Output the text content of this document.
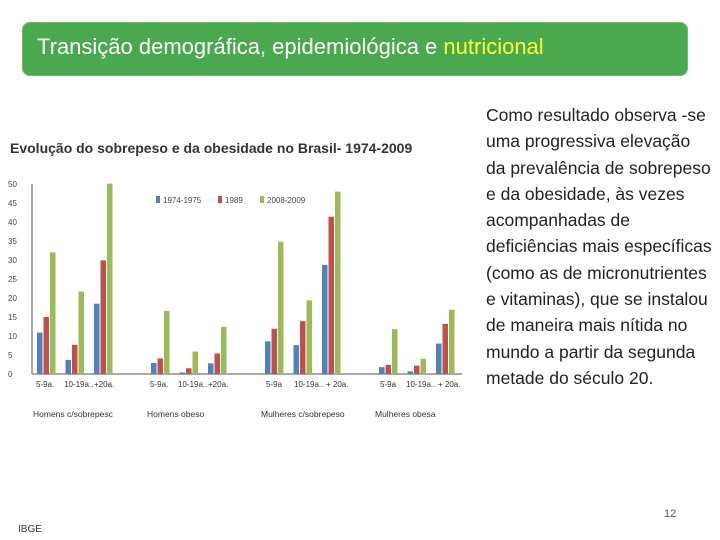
Transição demográfica, epidemiológica e nutricional
Evolução do sobrepeso e da obesidade no Brasil- 1974-2009
0
5
10
15
20
25
30
35
40
45
50
1974-1975	1989	2008-2009
5-9a. 10-19a.. +20a.
Homens c/sobrepesc
5-9a. 10-19a.. +20a.
Homens obeso
5-9a 10-19a.. + 20a.
Mulheres c/sobrepeso
5-9a 10-19a.. + 20a.
Mulheres obesa
Como resultado observa -se uma progressiva elevação da prevalência de sobrepeso e da obesidade, às vezes acompanhadas de deficiências mais específicas (como as de micronutrientes e vitaminas), que se instalou de maneira mais nítida no mundo a partir da segunda metade do século 20.
12
IBGE
